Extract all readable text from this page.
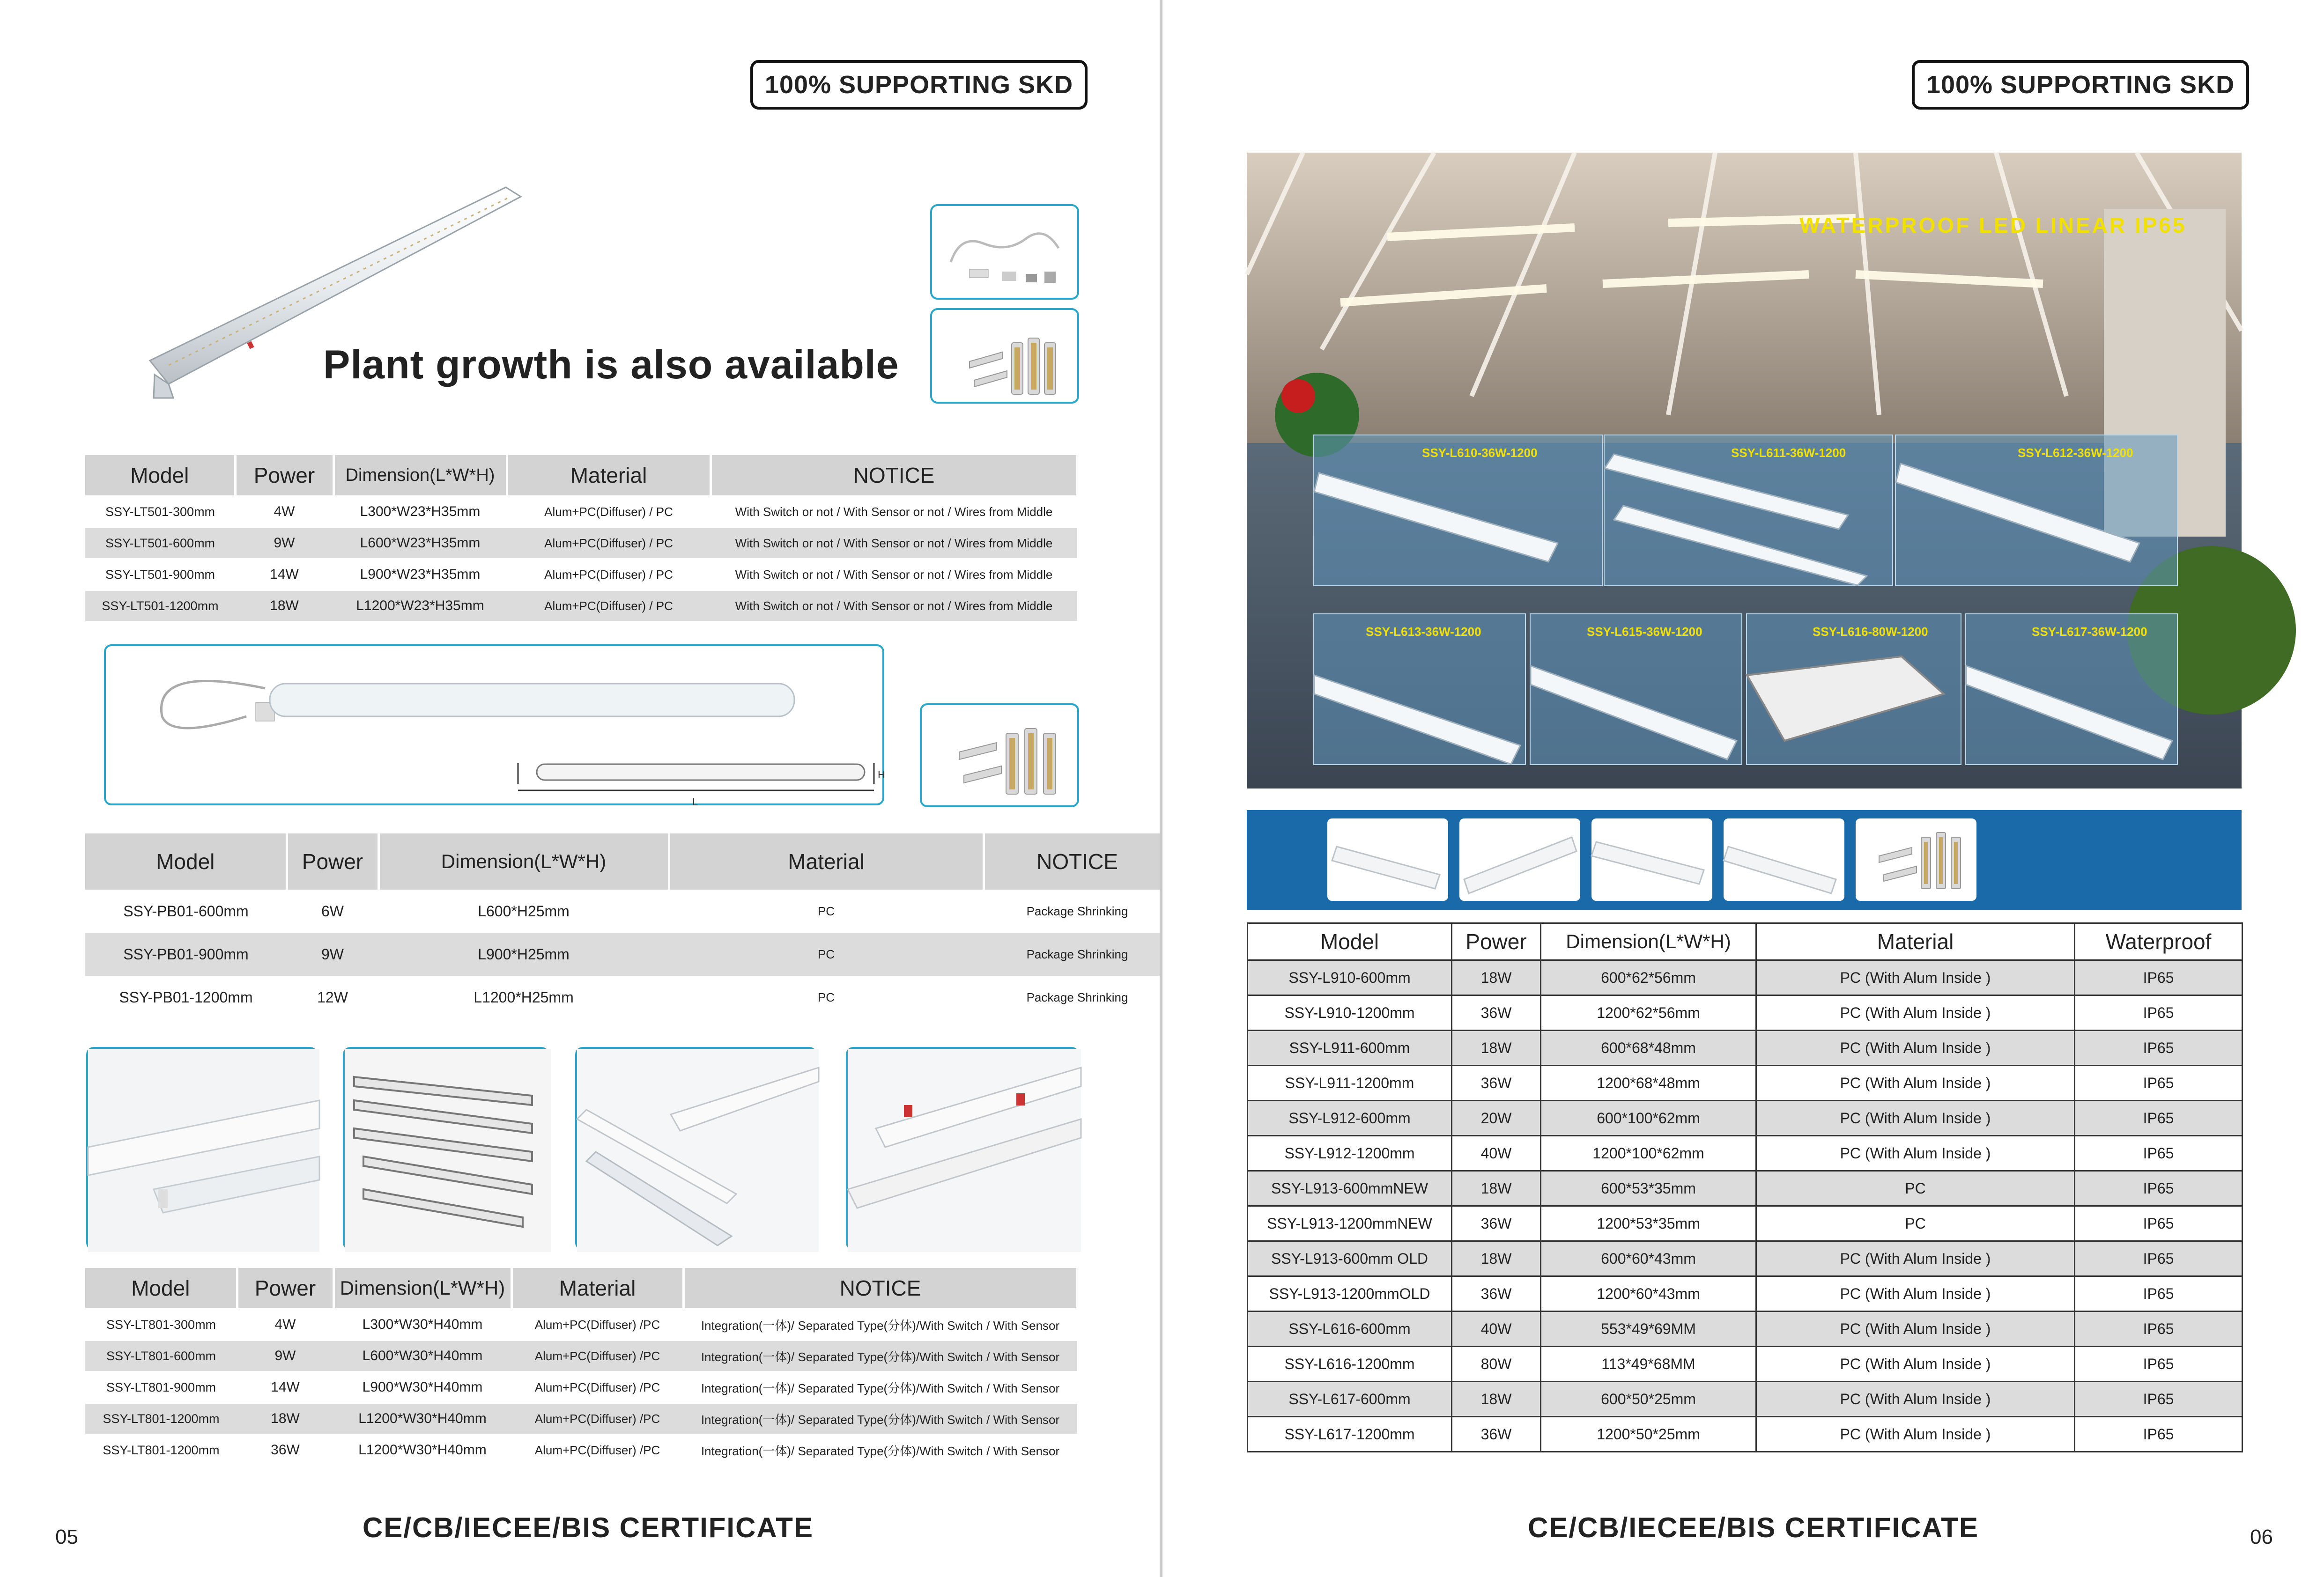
100% SUPPORTING SKD
Plant growth is also available
Model	Power	Dimension(L*W*H)	Material	NOTICE
SSY-LT501-300mm	4W	L300*W23*H35mm	Alum+PC(Diffuser) / PC	With Switch or not / With Sensor or not / Wires from Middle
SSY-LT501-600mm	9W	L600*W23*H35mm	Alum+PC(Diffuser) / PC	With Switch or not / With Sensor or not / Wires from Middle
SSY-LT501-900mm	14W	L900*W23*H35mm	Alum+PC(Diffuser) / PC	With Switch or not / With Sensor or not / Wires from Middle
SSY-LT501-1200mm	18W	L1200*W23*H35mm	Alum+PC(Diffuser) / PC	With Switch or not / With Sensor or not / Wires from Middle
L
H
Model	Power	Dimension(L*W*H)	Material	NOTICE
SSY-PB01-600mm	6W	L600*H25mm	PC	Package Shrinking
SSY-PB01-900mm	9W	L900*H25mm	PC	Package Shrinking
SSY-PB01-1200mm	12W	L1200*H25mm	PC	Package Shrinking
Model	Power	Dimension(L*W*H)	Material	NOTICE
SSY-LT801-300mm	4W	L300*W30*H40mm	Alum+PC(Diffuser) /PC	Integration(一体)/ Separated Type(分体)/With Switch / With Sensor
SSY-LT801-600mm	9W	L600*W30*H40mm	Alum+PC(Diffuser) /PC	Integration(一体)/ Separated Type(分体)/With Switch / With Sensor
SSY-LT801-900mm	14W	L900*W30*H40mm	Alum+PC(Diffuser) /PC	Integration(一体)/ Separated Type(分体)/With Switch / With Sensor
SSY-LT801-1200mm	18W	L1200*W30*H40mm	Alum+PC(Diffuser) /PC	Integration(一体)/ Separated Type(分体)/With Switch / With Sensor
SSY-LT801-1200mm	36W	L1200*W30*H40mm	Alum+PC(Diffuser) /PC	Integration(一体)/ Separated Type(分体)/With Switch / With Sensor
05	CE/CB/IECEE/BIS CERTIFICATE
100% SUPPORTING SKD
WATERPROOF LED LINEAR IP65
SSY-L610-36W-1200	SSY-L611-36W-1200	SSY-L612-36W-1200
SSY-L613-36W-1200	SSY-L615-36W-1200	SSY-L616-80W-1200	SSY-L617-36W-1200
Model	Power	Dimension(L*W*H)	Material	Waterproof
SSY-L910-600mm	18W	600*62*56mm	PC (With Alum Inside )	IP65
SSY-L910-1200mm	36W	1200*62*56mm	PC (With Alum Inside )	IP65
SSY-L911-600mm	18W	600*68*48mm	PC (With Alum Inside )	IP65
SSY-L911-1200mm	36W	1200*68*48mm	PC (With Alum Inside )	IP65
SSY-L912-600mm	20W	600*100*62mm	PC (With Alum Inside )	IP65
SSY-L912-1200mm	40W	1200*100*62mm	PC (With Alum Inside )	IP65
SSY-L913-600mmNEW	18W	600*53*35mm	PC	IP65
SSY-L913-1200mmNEW	36W	1200*53*35mm	PC	IP65
SSY-L913-600mm OLD	18W	600*60*43mm	PC (With Alum Inside )	IP65
SSY-L913-1200mmOLD	36W	1200*60*43mm	PC (With Alum Inside )	IP65
SSY-L616-600mm	40W	553*49*69MM	PC (With Alum Inside )	IP65
SSY-L616-1200mm	80W	113*49*68MM	PC (With Alum Inside )	IP65
SSY-L617-600mm	18W	600*50*25mm	PC (With Alum Inside )	IP65
SSY-L617-1200mm	36W	1200*50*25mm	PC (With Alum Inside )	IP65
CE/CB/IECEE/BIS CERTIFICATE	06
